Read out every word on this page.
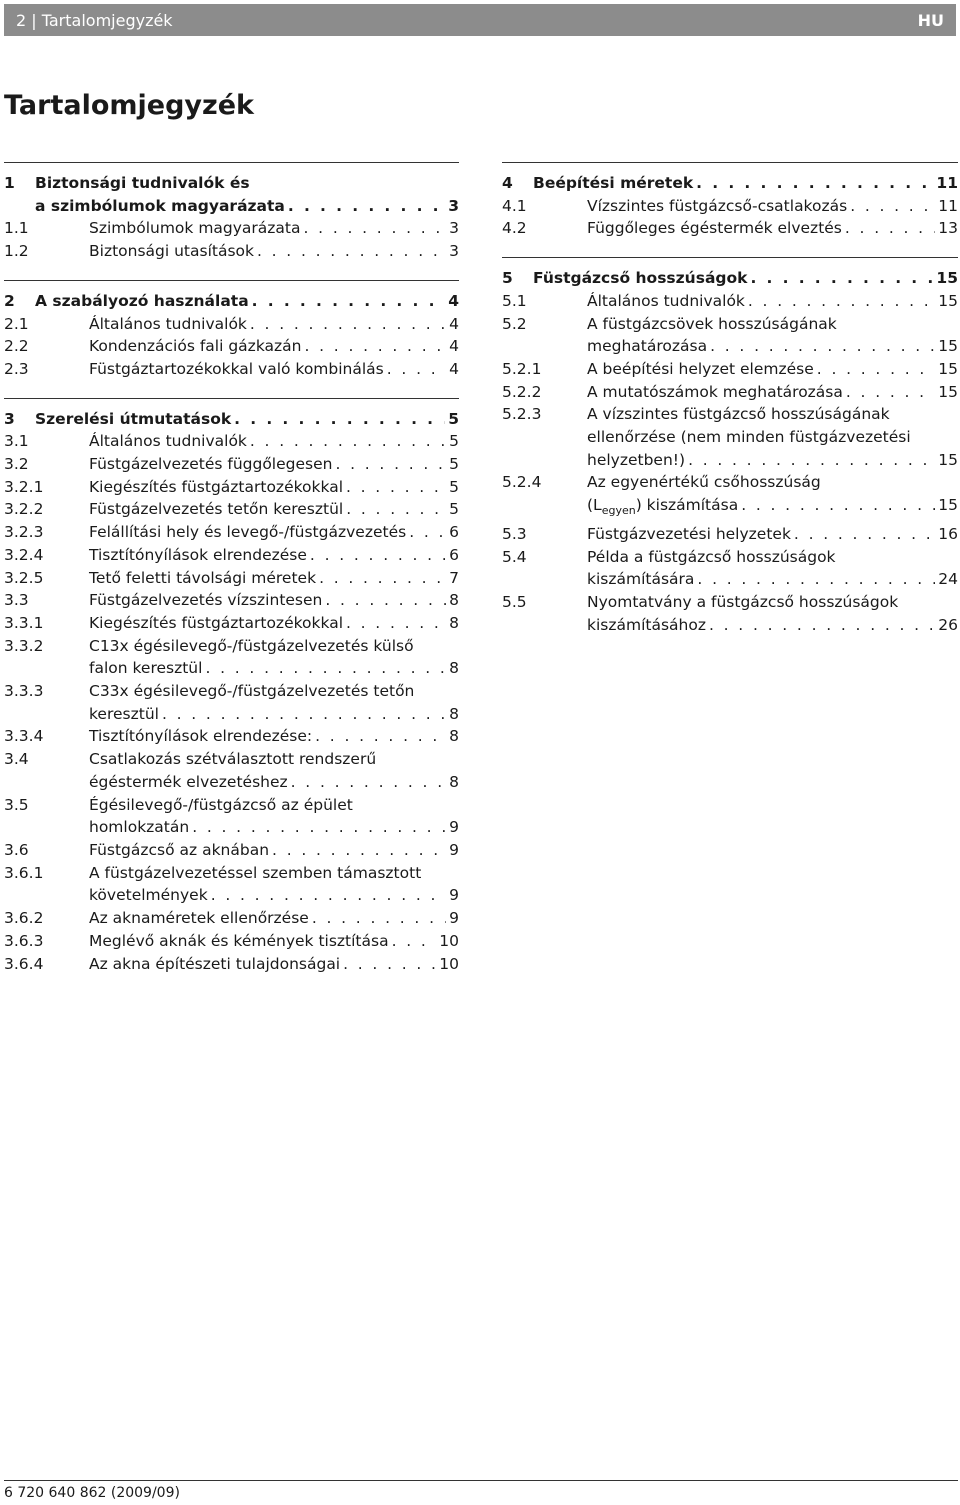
2 | Tartalomjegyzék	HU
Tartalomjegyzék
1	Biztonsági tudnivalók és
a szimbólumok magyarázata . . .	3
1.1	Szimbólumok magyarázata . . .	3
1.2	Biztonsági utasítások . . .	3
2	A szabályozó használata . . .	4
2.1	Általános tudnivalók . . .	4
2.2	Kondenzációs fali gázkazán . . .	4
2.3	Füstgáztartozékokkal való kombinálás . . .	4
3	Szerelési útmutatások . . .	5
3.1	Általános tudnivalók . . .	5
3.2	Füstgázelvezetés függőlegesen . . .	5
3.2.1	Kiegészítés füstgáztartozékokkal . . .	5
3.2.2	Füstgázelvezetés tetőn keresztül . . .	5
3.2.3	Felállítási hely és levegő-/füstgázvezetés . . .	6
3.2.4	Tisztítónyílások elrendezése . . .	6
3.2.5	Tető feletti távolsági méretek . . .	7
3.3	Füstgázelvezetés vízszintesen . . .	8
3.3.1	Kiegészítés füstgáztartozékokkal . . .	8
3.3.2	C13x égésilevegő-/füstgázelvezetés külső
falon keresztül . . .	8
3.3.3	C33x égésilevegő-/füstgázelvezetés tetőn
keresztül . . .	8
3.3.4	Tisztítónyílások elrendezése: . . .	8
3.4	Csatlakozás szétválasztott rendszerű
égéstermék elvezetéshez . . .	8
3.5	Égésilevegő-/füstgázcső az épület
homlokzatán . . .	9
3.6	Füstgázcső az aknában . . .	9
3.6.1	A füstgázelvezetéssel szemben támasztott
követelmények . . .	9
3.6.2	Az aknaméretek ellenőrzése . . .	9
3.6.3	Meglévő aknák és kémények tisztítása . . .	10
3.6.4	Az akna építészeti tulajdonságai . . .	10
4	Beépítési méretek . . .	11
4.1	Vízszintes füstgázcső-csatlakozás . . .	11
4.2	Függőleges égéstermék elveztés . . .	13
5	Füstgázcső hosszúságok . . .	15
5.1	Általános tudnivalók . . .	15
5.2	A füstgázcsövek hosszúságának
meghatározása . . .	15
5.2.1	A beépítési helyzet elemzése . . .	15
5.2.2	A mutatószámok meghatározása . . .	15
5.2.3	A vízszintes füstgázcső hosszúságának
ellenőrzése (nem minden füstgázvezetési
helyzetben!) . . .	15
5.2.4	Az egyenértékű csőhosszúság
$(L_{egyen})$ kiszámítása . . .	15
5.3	Füstgázvezetési helyzetek . . .	16
5.4	Példa a füstgázcső hosszúságok
kiszámítására . . .	24
5.5	Nyomtatvány a füstgázcső hosszúságok
kiszámításához . . .	26
6 720 640 862 (2009/09)
